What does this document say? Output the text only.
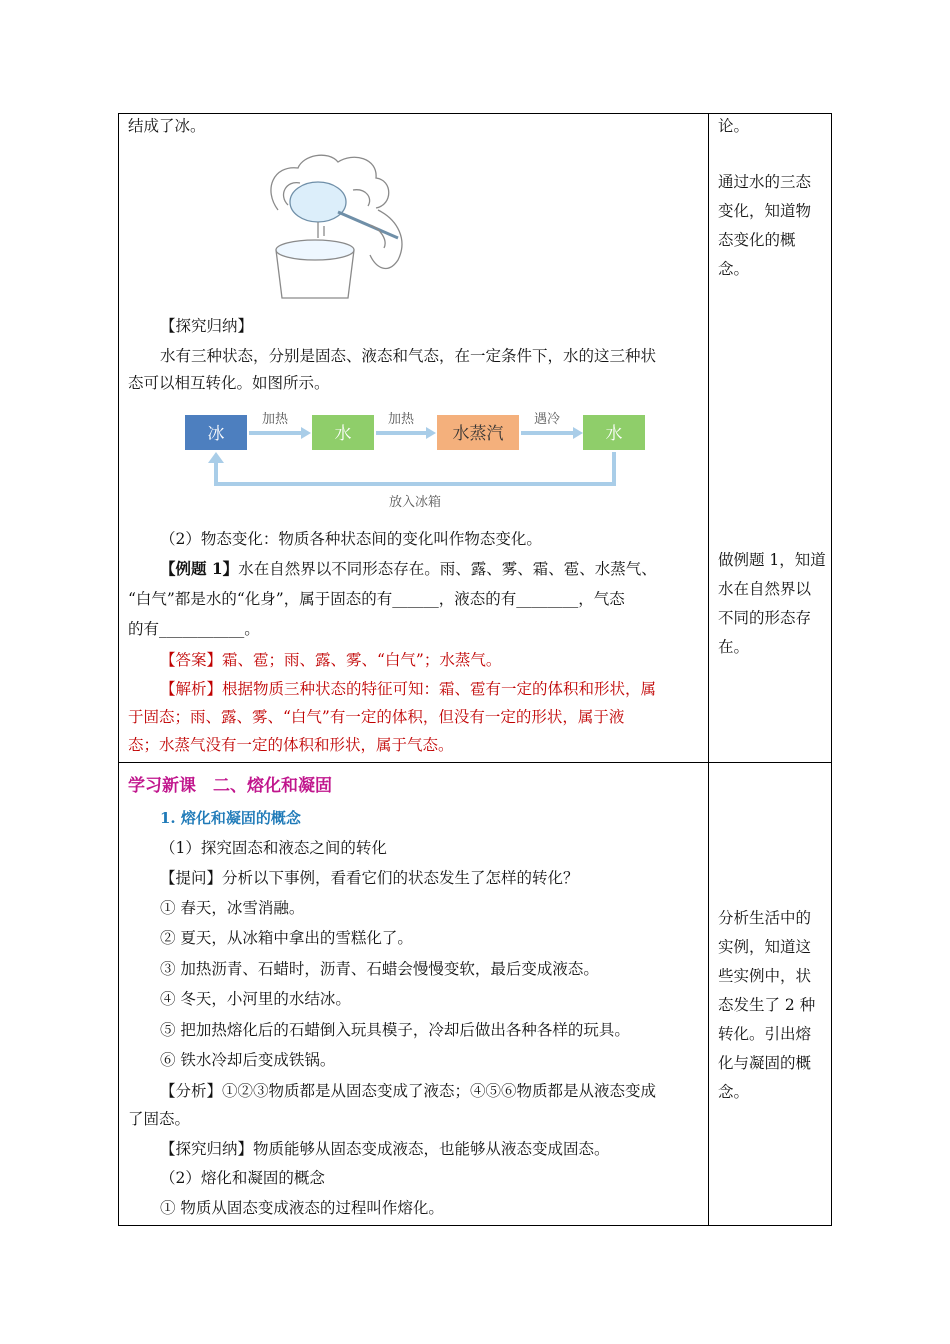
结成了冰。
【探究归纳】
水有三种状态，分别是固态、液态和气态，在一定条件下，水的这三种状
态可以相互转化。如图所示。
冰	水	水蒸汽	水
加热	加热	遇冷
放入冰箱
（2）物态变化：物质各种状态间的变化叫作物态变化。
【例题 1】水在自然界以不同形态存在。雨、露、雾、霜、雹、水蒸气、
“白气”都是水的“化身”，属于固态的有______，液态的有________，气态
的有___________。
【答案】霜、雹；雨、露、雾、“白气”；水蒸气。
【解析】根据物质三种状态的特征可知：霜、雹有一定的体积和形状，属
于固态；雨、露、雾、“白气”有一定的体积，但没有一定的形状，属于液
态；水蒸气没有一定的体积和形状，属于气态。
论。
通过水的三态变化，知道物态变化的概念。
做例题 1，知道水在自然界以不同的形态存在。
学习新课　二、熔化和凝固
1. 熔化和凝固的概念
（1）探究固态和液态之间的转化
【提问】分析以下事例，看看它们的状态发生了怎样的转化？
① 春天，冰雪消融。
② 夏天，从冰箱中拿出的雪糕化了。
③ 加热沥青、石蜡时，沥青、石蜡会慢慢变软，最后变成液态。
④ 冬天，小河里的水结冰。
⑤ 把加热熔化后的石蜡倒入玩具模子，冷却后做出各种各样的玩具。
⑥ 铁水冷却后变成铁锅。
【分析】①②③物质都是从固态变成了液态；④⑤⑥物质都是从液态变成
了固态。
【探究归纳】物质能够从固态变成液态，也能够从液态变成固态。
（2）熔化和凝固的概念
① 物质从固态变成液态的过程叫作熔化。
分析生活中的实例，知道这些实例中，状态发生了 2 种转化。引出熔化与凝固的概念。
